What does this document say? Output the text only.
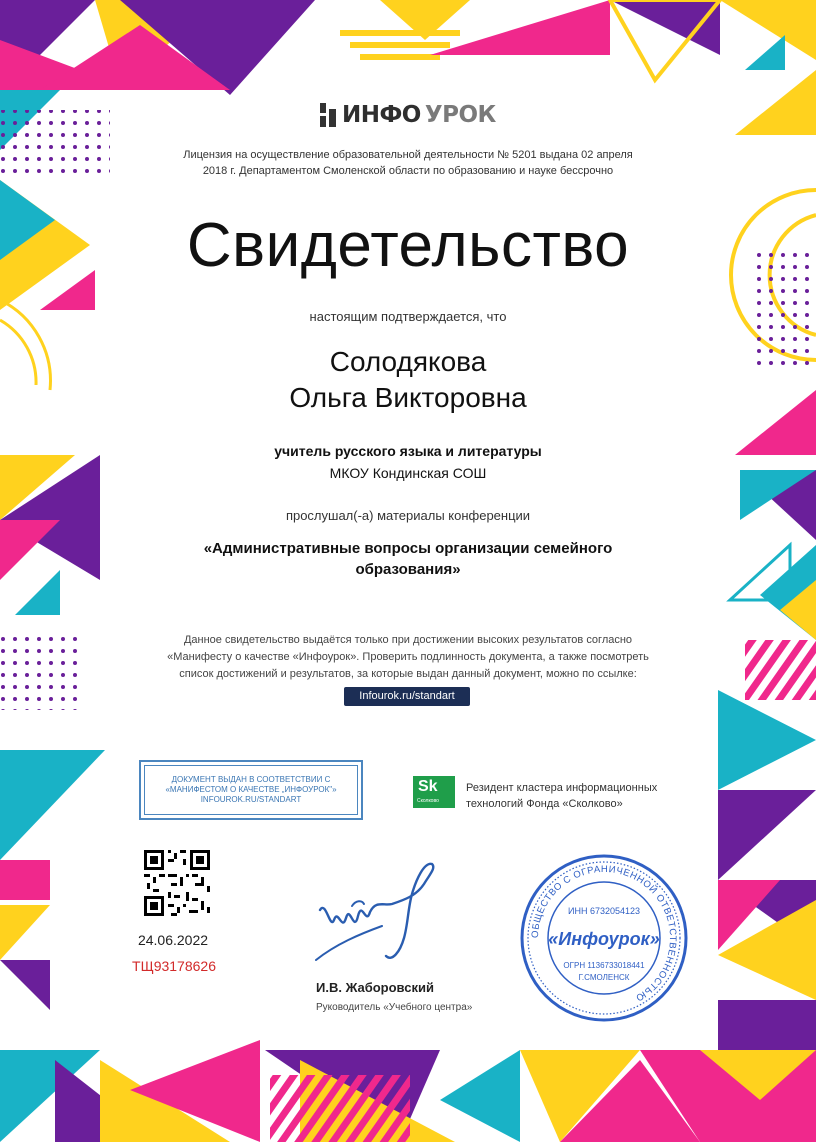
ИНФО УРОК
Лицензия на осуществление образовательной деятельности № 5201 выдана 02 апреля
2018 г. Департаментом Смоленской области по образованию и науке бессрочно
Свидетельство
настоящим подтверждается, что
Солодякова
Ольга Викторовна
учитель русского языка и литературы
МКОУ Кондинская СОШ
прослушал(-а) материалы конференции
«Административные вопросы организации семейного
образования»
Данное свидетельство выдаётся только при достижении высоких результатов согласно
«Манифесту о качестве «Инфоурок». Проверить подлинность документа, а также посмотреть
список достижений и результатов, за которые выдан данный документ, можно по ссылке:
Infourok.ru/standart
ДОКУМЕНТ ВЫДАН В СООТВЕТСТВИИ С
«МАНИФЕСТОМ О КАЧЕСТВЕ „ИНФОУРОК"»
INFOUROK.RU/STANDART
Sk
Сколково
Резидент кластера информационных
технологий Фонда «Сколково»
24.06.2022
ТЩ93178626
И.В. Жаборовский
Руководитель «Учебного центра»
ОБЩЕСТВО С ОГРАНИЧЕННОЙ ОТВЕТСТВЕННОСТЬЮ
ИНН 6732054123
«Инфоурок»
ОГРН 1136733018441
Г.СМОЛЕНСК
